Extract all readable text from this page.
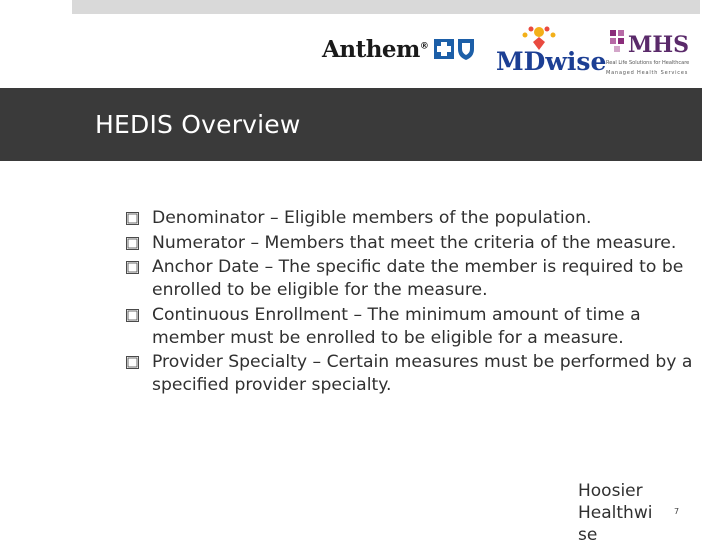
Anthem®
MDwise
MHS
Real Life Solutions for Healthcare
Managed Health Services
HEDIS Overview
Denominator – Eligible members of the population.
Numerator – Members that meet the criteria of the measure.
Anchor Date – The specific date the member is required to be enrolled to be eligible for the measure.
Continuous Enrollment – The minimum amount of time a member must be enrolled to be eligible for a measure.
Provider Specialty – Certain measures must be performed by a specified provider specialty.
Hoosier Healthwise
7
